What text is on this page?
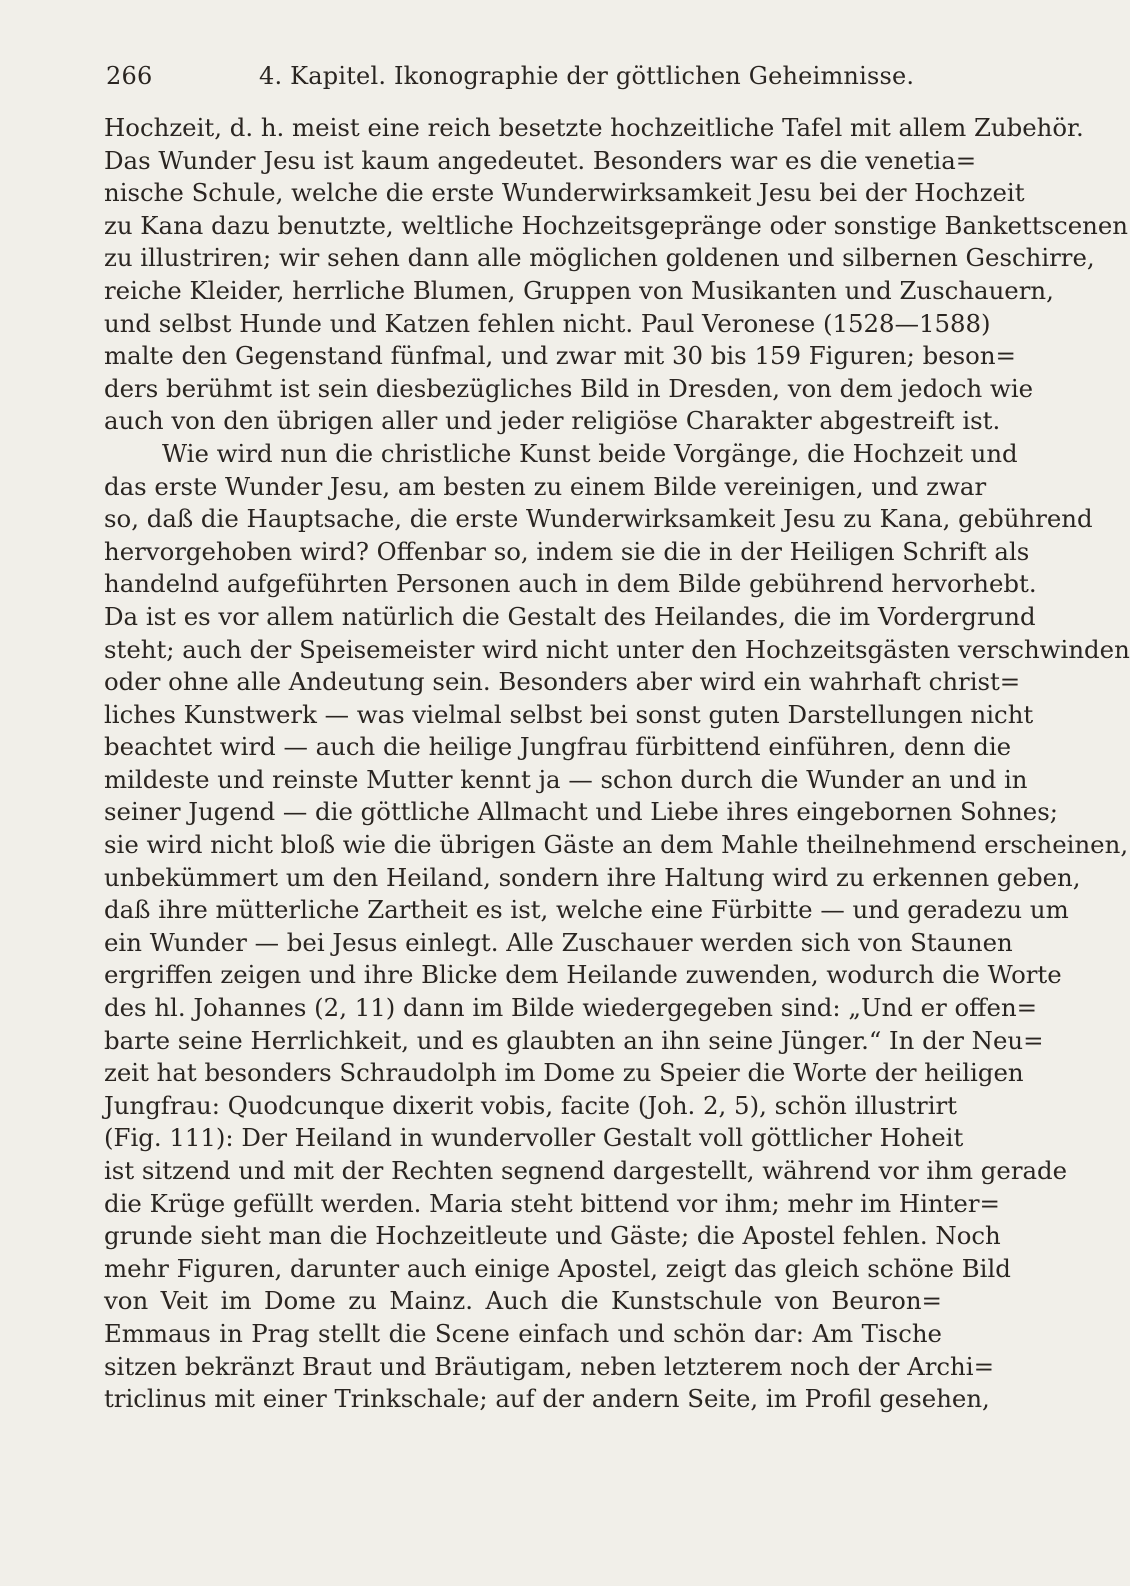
266	4. Kapitel. Ikonographie der göttlichen Geheimnisse.
Hochzeit, d. h. meist eine reich besetzte hochzeitliche Tafel mit allem Zubehör.
Das Wunder Jesu ist kaum angedeutet. Besonders war es die venetia=
nische Schule, welche die erste Wunderwirksamkeit Jesu bei der Hochzeit
zu Kana dazu benutzte, weltliche Hochzeitsgepränge oder sonstige Bankettscenen
zu illustriren; wir sehen dann alle möglichen goldenen und silbernen Geschirre,
reiche Kleider, herrliche Blumen, Gruppen von Musikanten und Zuschauern,
und selbst Hunde und Katzen fehlen nicht. Paul Veronese (1528—1588)
malte den Gegenstand fünfmal, und zwar mit 30 bis 159 Figuren; beson=
ders berühmt ist sein diesbezügliches Bild in Dresden, von dem jedoch wie
auch von den übrigen aller und jeder religiöse Charakter abgestreift ist.
Wie wird nun die christliche Kunst beide Vorgänge, die Hochzeit und
das erste Wunder Jesu, am besten zu einem Bilde vereinigen, und zwar
so, daß die Hauptsache, die erste Wunderwirksamkeit Jesu zu Kana, gebührend
hervorgehoben wird? Offenbar so, indem sie die in der Heiligen Schrift als
handelnd aufgeführten Personen auch in dem Bilde gebührend hervorhebt.
Da ist es vor allem natürlich die Gestalt des Heilandes, die im Vordergrund
steht; auch der Speisemeister wird nicht unter den Hochzeitsgästen verschwinden
oder ohne alle Andeutung sein. Besonders aber wird ein wahrhaft christ=
liches Kunstwerk — was vielmal selbst bei sonst guten Darstellungen nicht
beachtet wird — auch die heilige Jungfrau fürbittend einführen, denn die
mildeste und reinste Mutter kennt ja — schon durch die Wunder an und in
seiner Jugend — die göttliche Allmacht und Liebe ihres eingebornen Sohnes;
sie wird nicht bloß wie die übrigen Gäste an dem Mahle theilnehmend erscheinen,
unbekümmert um den Heiland, sondern ihre Haltung wird zu erkennen geben,
daß ihre mütterliche Zartheit es ist, welche eine Fürbitte — und geradezu um
ein Wunder — bei Jesus einlegt. Alle Zuschauer werden sich von Staunen
ergriffen zeigen und ihre Blicke dem Heilande zuwenden, wodurch die Worte
des hl. Johannes (2, 11) dann im Bilde wiedergegeben sind: „Und er offen=
barte seine Herrlichkeit, und es glaubten an ihn seine Jünger.“ In der Neu=
zeit hat besonders Schraudolph im Dome zu Speier die Worte der heiligen
Jungfrau: Quodcunque dixerit vobis, facite (Joh. 2, 5), schön illustrirt
(Fig. 111): Der Heiland in wundervoller Gestalt voll göttlicher Hoheit
ist sitzend und mit der Rechten segnend dargestellt, während vor ihm gerade
die Krüge gefüllt werden. Maria steht bittend vor ihm; mehr im Hinter=
grunde sieht man die Hochzeitleute und Gäste; die Apostel fehlen. Noch
mehr Figuren, darunter auch einige Apostel, zeigt das gleich schöne Bild
von Veit im Dome zu Mainz. Auch die Kunstschule von Beuron=
Emmaus in Prag stellt die Scene einfach und schön dar: Am Tische
sitzen bekränzt Braut und Bräutigam, neben letzterem noch der Archi=
triclinus mit einer Trinkschale; auf der andern Seite, im Profil gesehen,
